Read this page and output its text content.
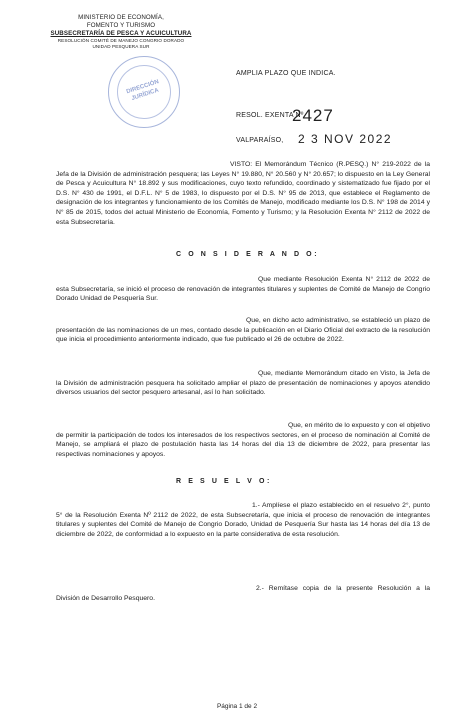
MINISTERIO DE ECONOMÍA,
FOMENTO Y TURISMO
SUBSECRETARÍA DE PESCA Y ACUICULTURA
RESOLUCIÓN COMITÉ DE MANEJO CONGRIO DORADO
UNIDAD PESQUERA SUR
DIRECCIÓN JURÍDICA
AMPLIA PLAZO QUE INDICA.
RESOL. EXENTA Nº
2427
VALPARAÍSO, 2 3 NOV 2022

VISTO: El Memorándum Técnico (R.PESQ.) N° 219-2022 de la Jefa de la División de administración pesquera; las Leyes N° 19.880, N° 20.560 y N° 20.657; lo dispuesto en la Ley General de Pesca y Acuicultura N° 18.892 y sus modificaciones, cuyo texto refundido, coordinado y sistematizado fue fijado por el D.S. N° 430 de 1991, el D.F.L. N° 5 de 1983, lo dispuesto por el D.S. N° 95 de 2013, que establece el Reglamento de designación de los integrantes y funcionamiento de los Comités de Manejo, modificado mediante los D.S. N° 198 de 2014 y N° 85 de 2015, todos del actual Ministerio de Economía, Fomento y Turismo; y la Resolución Exenta N° 2112 de 2022 de esta Subsecretaría.

C O N S I D E R A N D O:

Que mediante Resolución Exenta N° 2112 de 2022 de esta Subsecretaría, se inició el proceso de renovación de integrantes titulares y suplentes de Comité de Manejo de Congrio Dorado Unidad de Pesquería Sur.

Que, en dicho acto administrativo, se estableció un plazo de presentación de las nominaciones de un mes, contado desde la publicación en el Diario Oficial del extracto de la resolución que inicia el procedimiento anteriormente indicado, que fue publicado el 26 de octubre de 2022.

Que, mediante Memorándum citado en Visto, la Jefa de la División de administración pesquera ha solicitado ampliar el plazo de presentación de nominaciones y apoyos atendido diversos usuarios del sector pesquero artesanal, así lo han solicitado.

Que, en mérito de lo expuesto y con el objetivo de permitir la participación de todos los interesados de los respectivos sectores, en el proceso de nominación al Comité de Manejo, se ampliará el plazo de postulación hasta las 14 horas del día 13 de diciembre de 2022, para presentar las respectivas nominaciones y apoyos.

R E S U E L V O:

1.- Amplíese el plazo establecido en el resuelvo 2°, punto 5° de la Resolución Exenta Nº 2112 de 2022, de esta Subsecretaría, que inicia el proceso de renovación de integrantes titulares y suplentes del Comité de Manejo de Congrio Dorado, Unidad de Pesquería Sur hasta las 14 horas del día 13 de diciembre de 2022, de conformidad a lo expuesto en la parte considerativa de esta resolución.

2.- Remítase copia de la presente Resolución a la División de Desarrollo Pesquero.

Página 1 de 2
